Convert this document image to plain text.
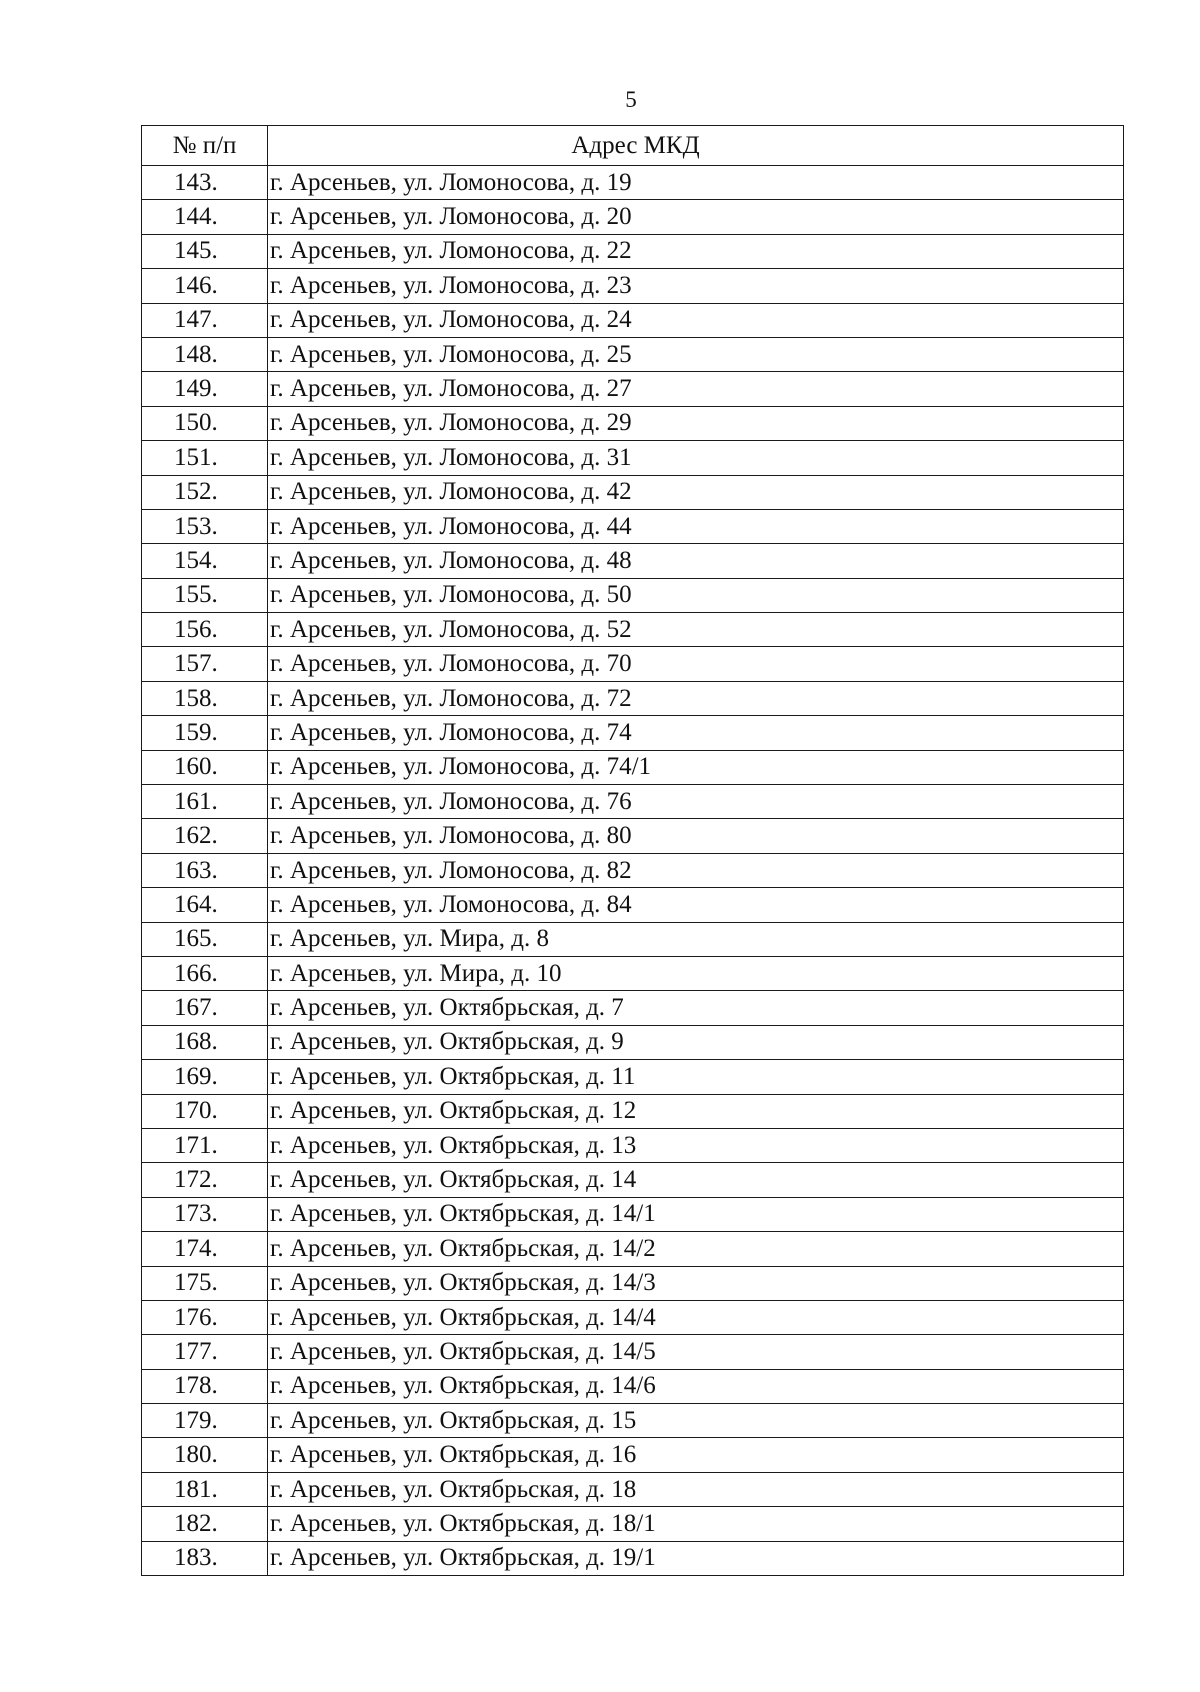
5
№ п/п	Адрес МКД
143.	г. Арсеньев, ул. Ломоносова, д. 19
144.	г. Арсеньев, ул. Ломоносова, д. 20
145.	г. Арсеньев, ул. Ломоносова, д. 22
146.	г. Арсеньев, ул. Ломоносова, д. 23
147.	г. Арсеньев, ул. Ломоносова, д. 24
148.	г. Арсеньев, ул. Ломоносова, д. 25
149.	г. Арсеньев, ул. Ломоносова, д. 27
150.	г. Арсеньев, ул. Ломоносова, д. 29
151.	г. Арсеньев, ул. Ломоносова, д. 31
152.	г. Арсеньев, ул. Ломоносова, д. 42
153.	г. Арсеньев, ул. Ломоносова, д. 44
154.	г. Арсеньев, ул. Ломоносова, д. 48
155.	г. Арсеньев, ул. Ломоносова, д. 50
156.	г. Арсеньев, ул. Ломоносова, д. 52
157.	г. Арсеньев, ул. Ломоносова, д. 70
158.	г. Арсеньев, ул. Ломоносова, д. 72
159.	г. Арсеньев, ул. Ломоносова, д. 74
160.	г. Арсеньев, ул. Ломоносова, д. 74/1
161.	г. Арсеньев, ул. Ломоносова, д. 76
162.	г. Арсеньев, ул. Ломоносова, д. 80
163.	г. Арсеньев, ул. Ломоносова, д. 82
164.	г. Арсеньев, ул. Ломоносова, д. 84
165.	г. Арсеньев, ул. Мира, д. 8
166.	г. Арсеньев, ул. Мира, д. 10
167.	г. Арсеньев, ул. Октябрьская, д. 7
168.	г. Арсеньев, ул. Октябрьская, д. 9
169.	г. Арсеньев, ул. Октябрьская, д. 11
170.	г. Арсеньев, ул. Октябрьская, д. 12
171.	г. Арсеньев, ул. Октябрьская, д. 13
172.	г. Арсеньев, ул. Октябрьская, д. 14
173.	г. Арсеньев, ул. Октябрьская, д. 14/1
174.	г. Арсеньев, ул. Октябрьская, д. 14/2
175.	г. Арсеньев, ул. Октябрьская, д. 14/3
176.	г. Арсеньев, ул. Октябрьская, д. 14/4
177.	г. Арсеньев, ул. Октябрьская, д. 14/5
178.	г. Арсеньев, ул. Октябрьская, д. 14/6
179.	г. Арсеньев, ул. Октябрьская, д. 15
180.	г. Арсеньев, ул. Октябрьская, д. 16
181.	г. Арсеньев, ул. Октябрьская, д. 18
182.	г. Арсеньев, ул. Октябрьская, д. 18/1
183.	г. Арсеньев, ул. Октябрьская, д. 19/1
